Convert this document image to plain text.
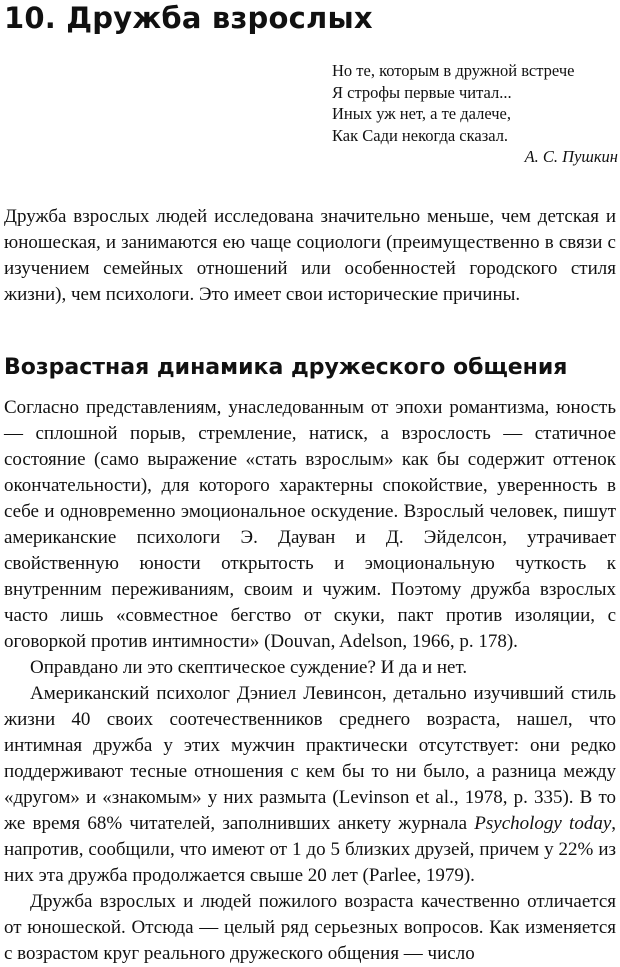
10. Дружба взрослых
Но те, которым в дружной встрече
Я строфы первые читал...
Иных уж нет, а те далече,
Как Сади некогда сказал.
А. С. Пушкин

Дружба взрослых людей исследована значительно меньше, чем детская и юношеская, и занимаются ею чаще социологи (преимущественно в связи с изучением семейных отношений или особенностей городского стиля жизни), чем психологи. Это имеет свои исторические причины.

Возрастная динамика дружеского общения

Согласно представлениям, унаследованным от эпохи романтизма, юность — сплошной порыв, стремление, натиск, а взрослость — статичное состояние (само выражение «стать взрослым» как бы содержит оттенок окончательности), для которого характерны спокойствие, уверенность в себе и одновременно эмоциональное оскудение. Взрослый человек, пишут американские психологи Э. Дауван и Д. Эйделсон, утрачивает свойственную юности открытость и эмоциональную чуткость к внутренним переживаниям, своим и чужим. Поэтому дружба взрослых часто лишь «совместное бегство от скуки, пакт против изоляции, с оговоркой против интимности» (Douvan, Adelson, 1966, р. 178).

Оправдано ли это скептическое суждение? И да и нет.

Американский психолог Дэниел Левинсон, детально изучивший стиль жизни 40 своих соотечественников среднего возраста, нашел, что интимная дружба у этих мужчин практически отсутствует: они редко поддерживают тесные отношения с кем бы то ни было, а разница между «другом» и «знакомым» у них размыта (Levinson et al., 1978, р. 335). В то же время 68% читателей, заполнивших анкету журнала Psychology today, напротив, сообщили, что имеют от 1 до 5 близких друзей, причем у 22% из них эта дружба продолжается свыше 20 лет (Parlee, 1979).

Дружба взрослых и людей пожилого возраста качественно отличается от юношеской. Отсюда — целый ряд серьезных вопросов. Как изменяется с возрастом круг реального дружеского общения — число
